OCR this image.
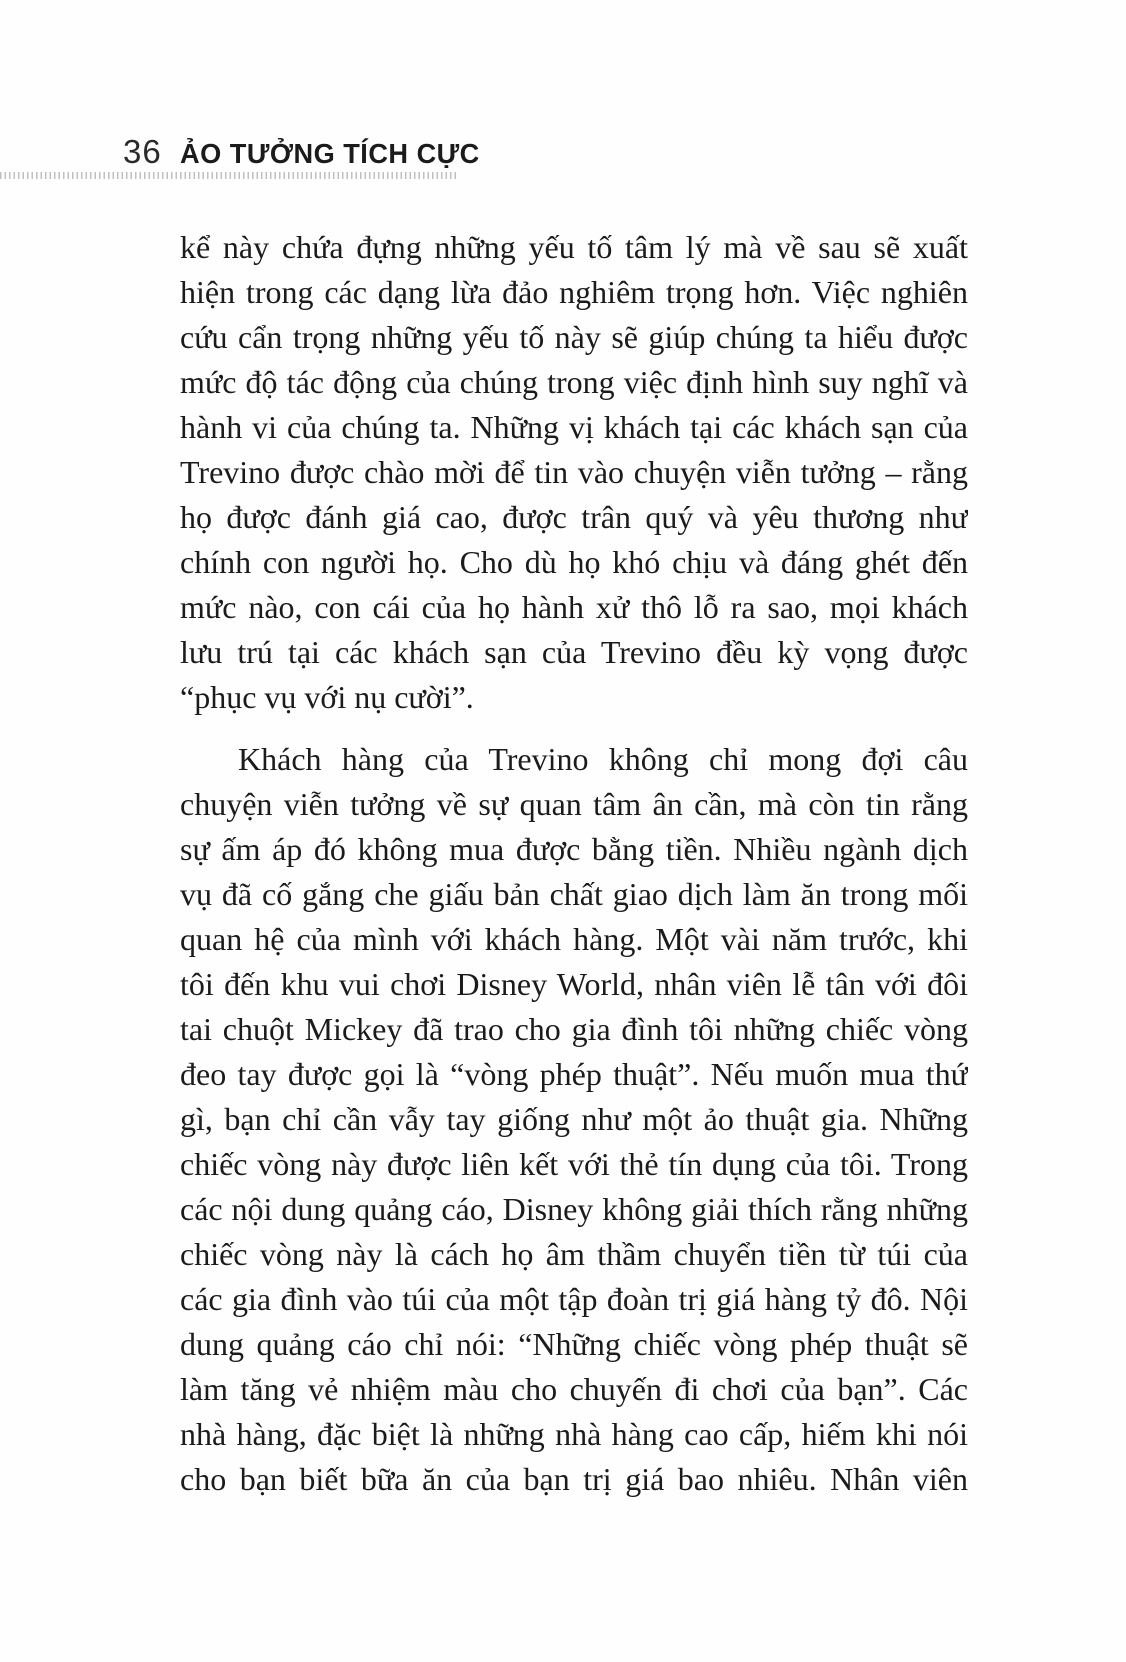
36 ẢO TƯỞNG TÍCH CỰC
kể này chứa đựng những yếu tố tâm lý mà về sau sẽ xuất
hiện trong các dạng lừa đảo nghiêm trọng hơn. Việc nghiên
cứu cẩn trọng những yếu tố này sẽ giúp chúng ta hiểu được
mức độ tác động của chúng trong việc định hình suy nghĩ và
hành vi của chúng ta. Những vị khách tại các khách sạn của
Trevino được chào mời để tin vào chuyện viễn tưởng – rằng
họ được đánh giá cao, được trân quý và yêu thương như
chính con người họ. Cho dù họ khó chịu và đáng ghét đến
mức nào, con cái của họ hành xử thô lỗ ra sao, mọi khách
lưu trú tại các khách sạn của Trevino đều kỳ vọng được
“phục vụ với nụ cười”.
Khách hàng của Trevino không chỉ mong đợi câu
chuyện viễn tưởng về sự quan tâm ân cần, mà còn tin rằng
sự ấm áp đó không mua được bằng tiền. Nhiều ngành dịch
vụ đã cố gắng che giấu bản chất giao dịch làm ăn trong mối
quan hệ của mình với khách hàng. Một vài năm trước, khi
tôi đến khu vui chơi Disney World, nhân viên lễ tân với đôi
tai chuột Mickey đã trao cho gia đình tôi những chiếc vòng
đeo tay được gọi là “vòng phép thuật”. Nếu muốn mua thứ
gì, bạn chỉ cần vẫy tay giống như một ảo thuật gia. Những
chiếc vòng này được liên kết với thẻ tín dụng của tôi. Trong
các nội dung quảng cáo, Disney không giải thích rằng những
chiếc vòng này là cách họ âm thầm chuyển tiền từ túi của
các gia đình vào túi của một tập đoàn trị giá hàng tỷ đô. Nội
dung quảng cáo chỉ nói: “Những chiếc vòng phép thuật sẽ
làm tăng vẻ nhiệm màu cho chuyến đi chơi của bạn”. Các
nhà hàng, đặc biệt là những nhà hàng cao cấp, hiếm khi nói
cho bạn biết bữa ăn của bạn trị giá bao nhiêu. Nhân viên
